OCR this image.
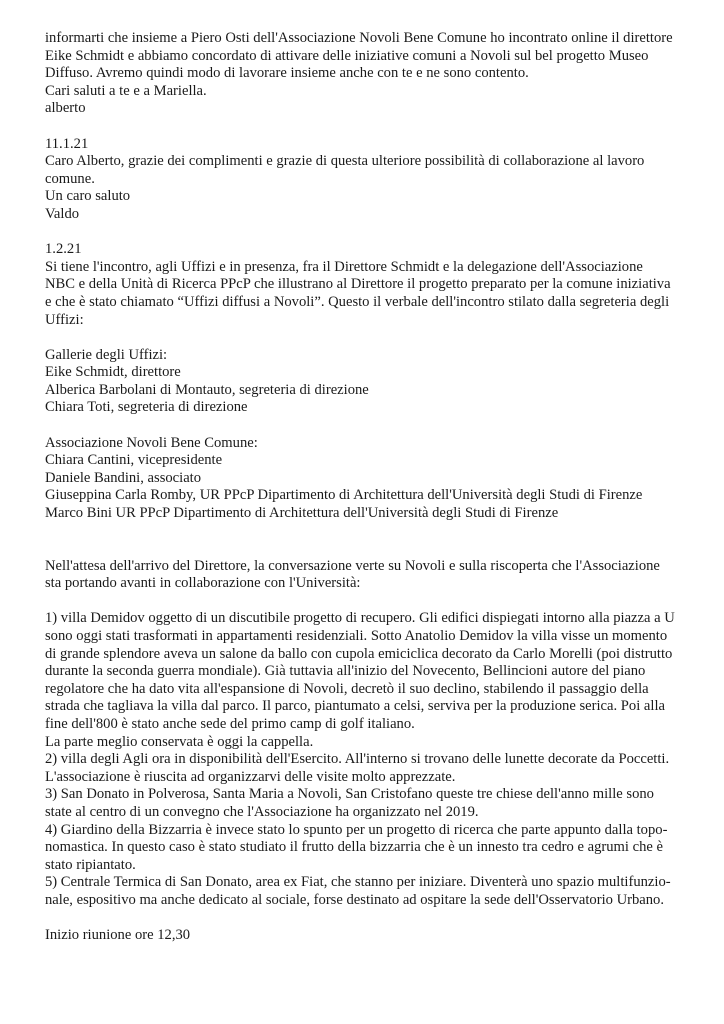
informarti che insieme a Piero Osti dell'Associazione Novoli Bene Comune ho incontrato online il direttore
Eike Schmidt e abbiamo concordato di attivare delle iniziative comuni a Novoli sul bel progetto Museo
Diffuso. Avremo quindi modo di lavorare insieme anche con te e ne sono contento.
Cari saluti a te e a Mariella.
alberto
11.1.21
Caro Alberto, grazie dei complimenti e grazie di questa ulteriore possibilità di collaborazione al lavoro
comune.
Un caro saluto
Valdo
1.2.21
Si tiene l'incontro, agli Uffizi e in presenza, fra il Direttore Schmidt e la delegazione dell'Associazione
NBC e della Unità di Ricerca PPcP che illustrano al Direttore il progetto preparato per la comune iniziativa
e che è stato chiamato “Uffizi diffusi a Novoli”. Questo il verbale dell'incontro stilato dalla segreteria degli
Uffizi:
Gallerie degli Uffizi:
Eike Schmidt, direttore
Alberica Barbolani di Montauto, segreteria di direzione
Chiara Toti, segreteria di direzione
Associazione Novoli Bene Comune:
Chiara Cantini, vicepresidente
Daniele Bandini, associato
Giuseppina Carla Romby, UR PPcP Dipartimento di Architettura dell'Università degli Studi di Firenze
Marco Bini UR PPcP Dipartimento di Architettura dell'Università degli Studi di Firenze
Nell'attesa dell'arrivo del Direttore, la conversazione verte su Novoli e sulla riscoperta che l'Associazione
sta portando avanti in collaborazione con l'Università:
1) villa Demidov oggetto di un discutibile progetto di recupero. Gli edifici dispiegati intorno alla piazza a U
sono oggi stati trasformati in appartamenti residenziali. Sotto Anatolio Demidov la villa visse un momento
di grande splendore aveva un salone da ballo con cupola emiciclica decorato da Carlo Morelli (poi distrutto
durante la seconda guerra mondiale). Già tuttavia all'inizio del Novecento, Bellincioni autore del piano
regolatore che ha dato vita all'espansione di Novoli, decretò il suo declino, stabilendo il passaggio della
strada che tagliava la villa dal parco. Il parco, piantumato a celsi, serviva per la produzione serica. Poi alla
fine dell'800 è stato anche sede del primo camp di golf italiano.
La parte meglio conservata è oggi la cappella.
2) villa degli Agli ora in disponibilità dell'Esercito. All'interno si trovano delle lunette decorate da Poccetti.
L'associazione è riuscita ad organizzarvi delle visite molto apprezzate.
3) San Donato in Polverosa, Santa Maria a Novoli, San Cristofano queste tre chiese dell'anno mille sono
state al centro di un convegno che l'Associazione ha organizzato nel 2019.
4) Giardino della Bizzarria è invece stato lo spunto per un progetto di ricerca che parte appunto dalla topo-
nomastica. In questo caso è stato studiato il frutto della bizzarria che è un innesto tra cedro e agrumi che è
stato ripiantato.
5) Centrale Termica di San Donato, area ex Fiat, che stanno per iniziare. Diventerà uno spazio multifunzio-
nale, espositivo ma anche dedicato al sociale, forse destinato ad ospitare la sede dell'Osservatorio Urbano.
Inizio riunione ore 12,30
